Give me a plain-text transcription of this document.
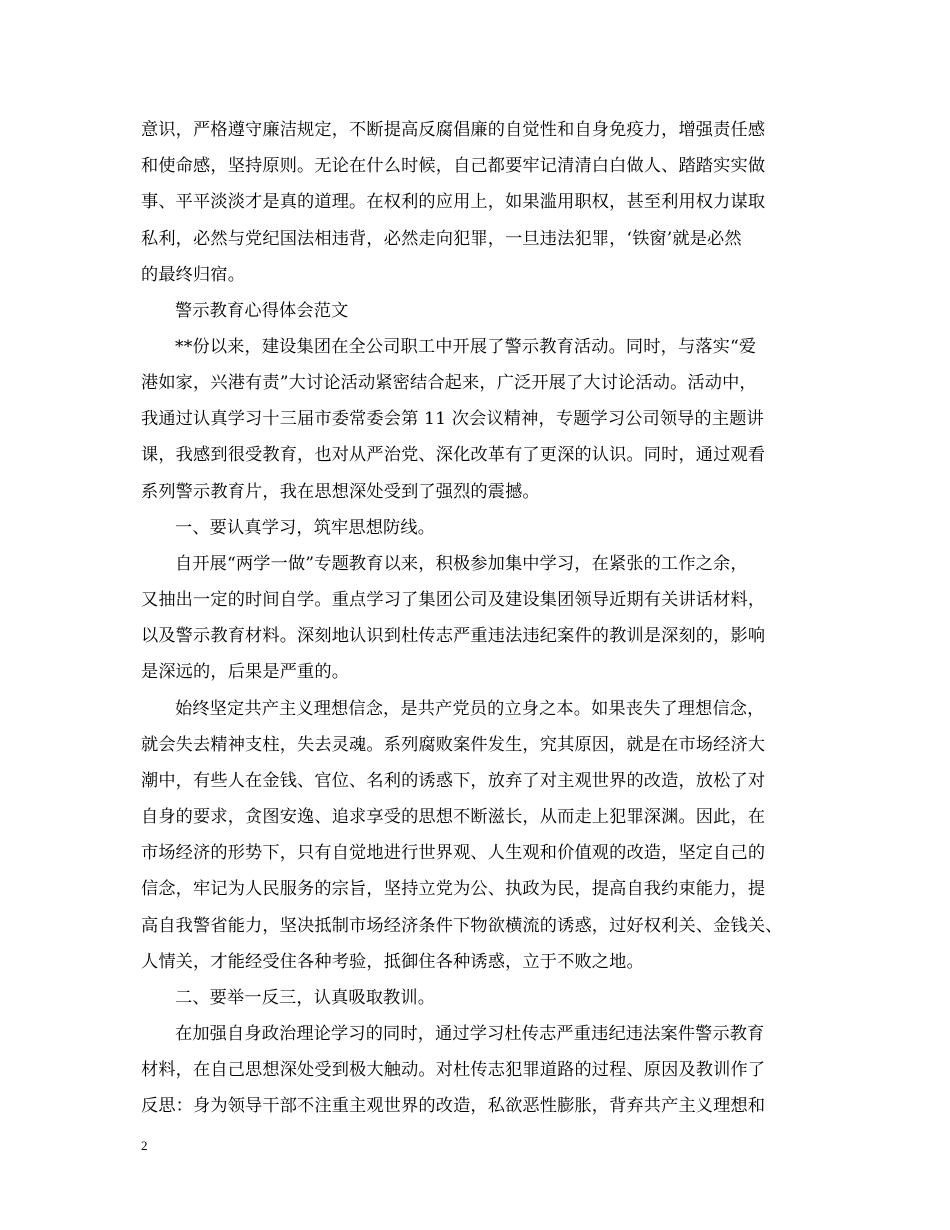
意识，严格遵守廉洁规定，不断提高反腐倡廉的自觉性和自身免疫力，增强责任感
和使命感，坚持原则。无论在什么时候，自己都要牢记清清白白做人、踏踏实实做
事、平平淡淡才是真的道理。在权利的应用上，如果滥用职权，甚至利用权力谋取
私利，必然与党纪国法相违背，必然走向犯罪，一旦违法犯罪，‘铁窗’就是必然
的最终归宿。
警示教育心得体会范文
**份以来，建设集团在全公司职工中开展了警示教育活动。同时，与落实“爱
港如家，兴港有责”大讨论活动紧密结合起来，广泛开展了大讨论活动。活动中，
我通过认真学习十三届市委常委会第 11 次会议精神，专题学习公司领导的主题讲
课，我感到很受教育，也对从严治党、深化改革有了更深的认识。同时，通过观看
系列警示教育片，我在思想深处受到了强烈的震撼。
一、要认真学习，筑牢思想防线。
自开展“两学一做”专题教育以来，积极参加集中学习，在紧张的工作之余，
又抽出一定的时间自学。重点学习了集团公司及建设集团领导近期有关讲话材料，
以及警示教育材料。深刻地认识到杜传志严重违法违纪案件的教训是深刻的，影响
是深远的，后果是严重的。
始终坚定共产主义理想信念，是共产党员的立身之本。如果丧失了理想信念，
就会失去精神支柱，失去灵魂。系列腐败案件发生，究其原因，就是在市场经济大
潮中，有些人在金钱、官位、名利的诱惑下，放弃了对主观世界的改造，放松了对
自身的要求，贪图安逸、追求享受的思想不断滋长，从而走上犯罪深渊。因此，在
市场经济的形势下，只有自觉地进行世界观、人生观和价值观的改造，坚定自己的
信念，牢记为人民服务的宗旨，坚持立党为公、执政为民，提高自我约束能力，提
高自我警省能力，坚决抵制市场经济条件下物欲横流的诱惑，过好权利关、金钱关、
人情关，才能经受住各种考验，抵御住各种诱惑，立于不败之地。
二、要举一反三，认真吸取教训。
在加强自身政治理论学习的同时，通过学习杜传志严重违纪违法案件警示教育
材料，在自己思想深处受到极大触动。对杜传志犯罪道路的过程、原因及教训作了
反思：身为领导干部不注重主观世界的改造，私欲恶性膨胀，背弃共产主义理想和
2
